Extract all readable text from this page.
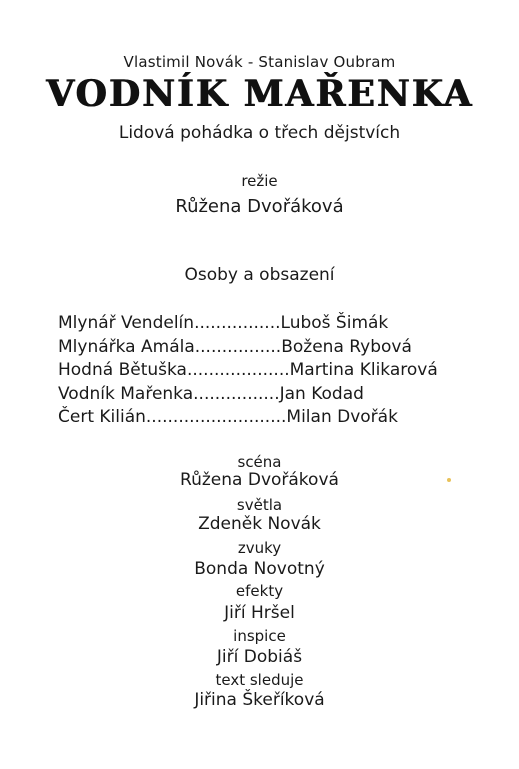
Vlastimil Novák - Stanislav Oubram
VODNÍK MAŘENKA
Lidová pohádka o třech dějstvích
režie
Růžena Dvořáková
Osoby a obsazení
Mlynář Vendelín................Luboš Šimák
Mlynářka Amála................Božena Rybová
Hodná Bětuška...................Martina Klikarová
Vodník Mařenka................Jan Kodad
Čert Kilián..........................Milan Dvořák
scéna
Růžena Dvořáková
světla
Zdeněk Novák
zvuky
Bonda Novotný
efekty
Jiří Hršel
inspice
Jiří Dobiáš
text sleduje
Jiřina Škeříková
